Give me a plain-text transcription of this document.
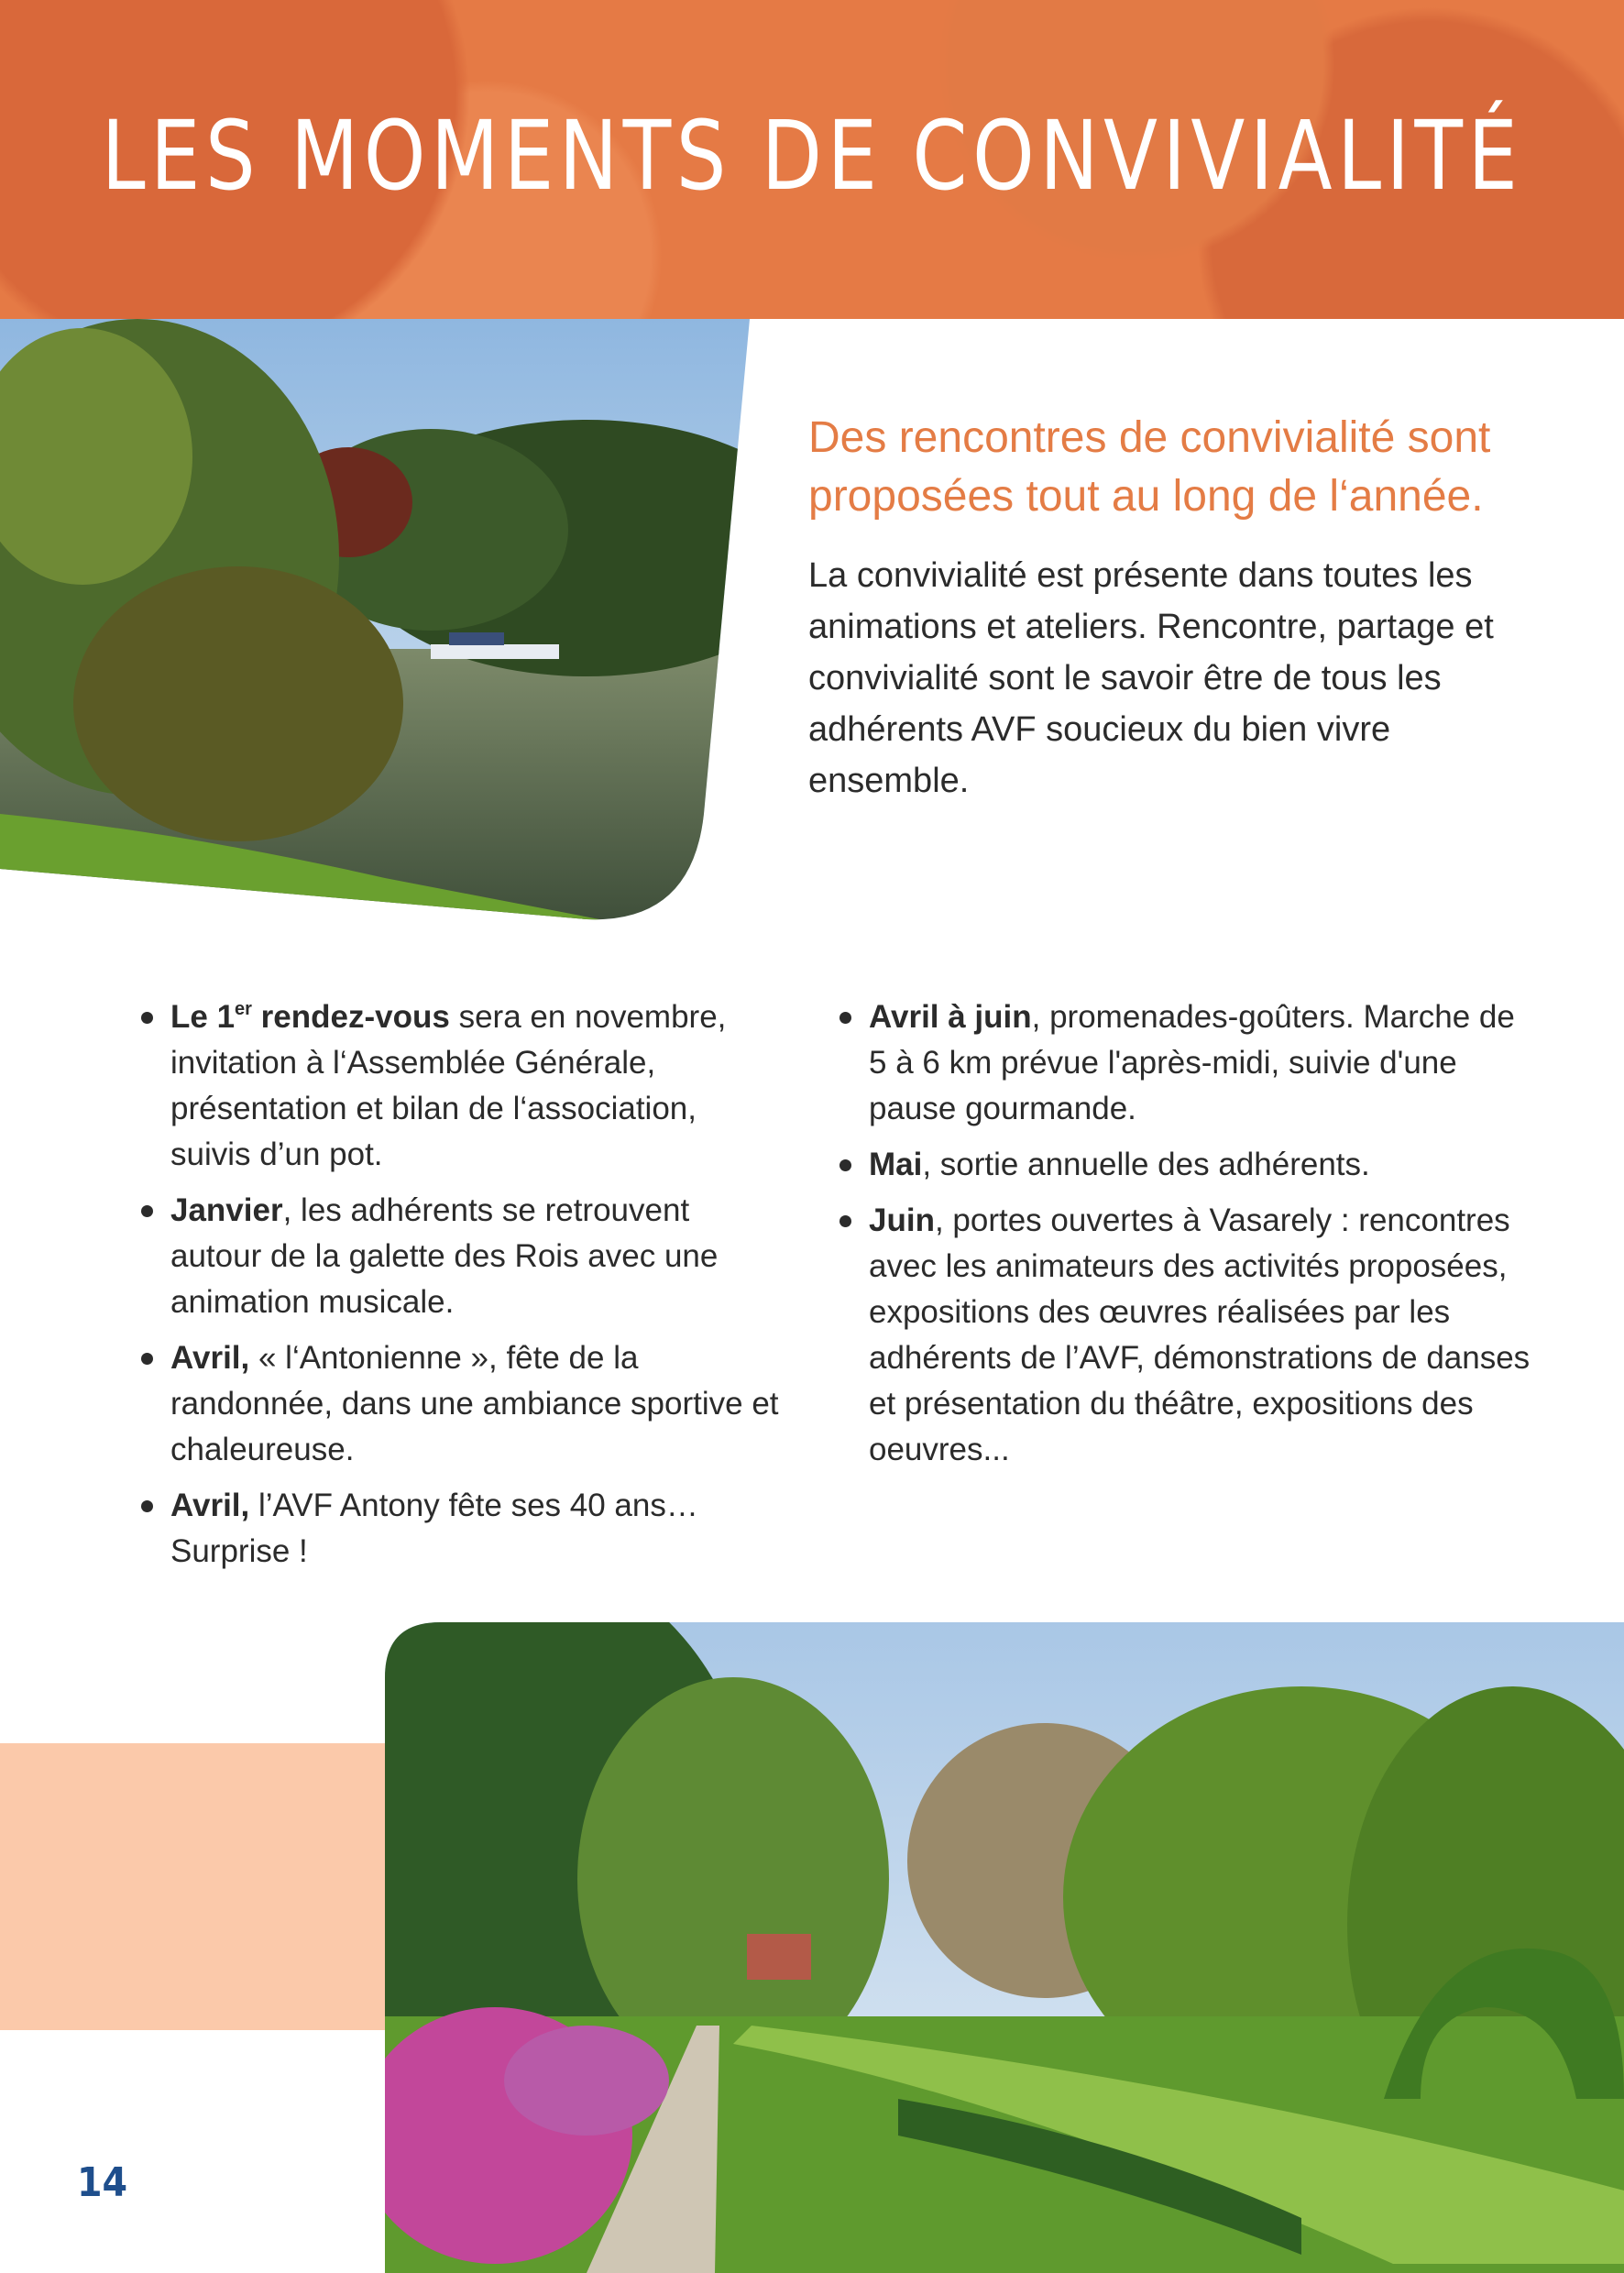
LES MOMENTS DE CONVIVIALITÉ

Des rencontres de convivialité sont proposées tout au long de l‘année.

La convivialité est présente dans toutes les animations et ateliers. Rencontre, partage et convivialité sont le savoir être de tous les adhérents AVF soucieux du bien vivre ensemble.

Le 1er rendez-vous sera en novembre, invitation à l‘Assemblée Générale, présentation et bilan de l‘association, suivis d’un pot.
Janvier, les adhérents se retrouvent autour de la galette des Rois avec une animation musicale.
Avril, « l‘Antonienne », fête de la randonnée, dans une ambiance sportive et chaleureuse.
Avril, l’AVF Antony fête ses 40 ans… Surprise !
Avril à juin, promenades-goûters. Marche de 5 à 6 km prévue l'après-midi, suivie d'une pause gourmande.
Mai, sortie annuelle des adhérents.
Juin, portes ouvertes à Vasarely : rencontres avec les animateurs des activités proposées, expositions des œuvres réalisées par les adhérents de l’AVF, démonstrations de danses et présentation du théâtre, expositions des oeuvres...
14
